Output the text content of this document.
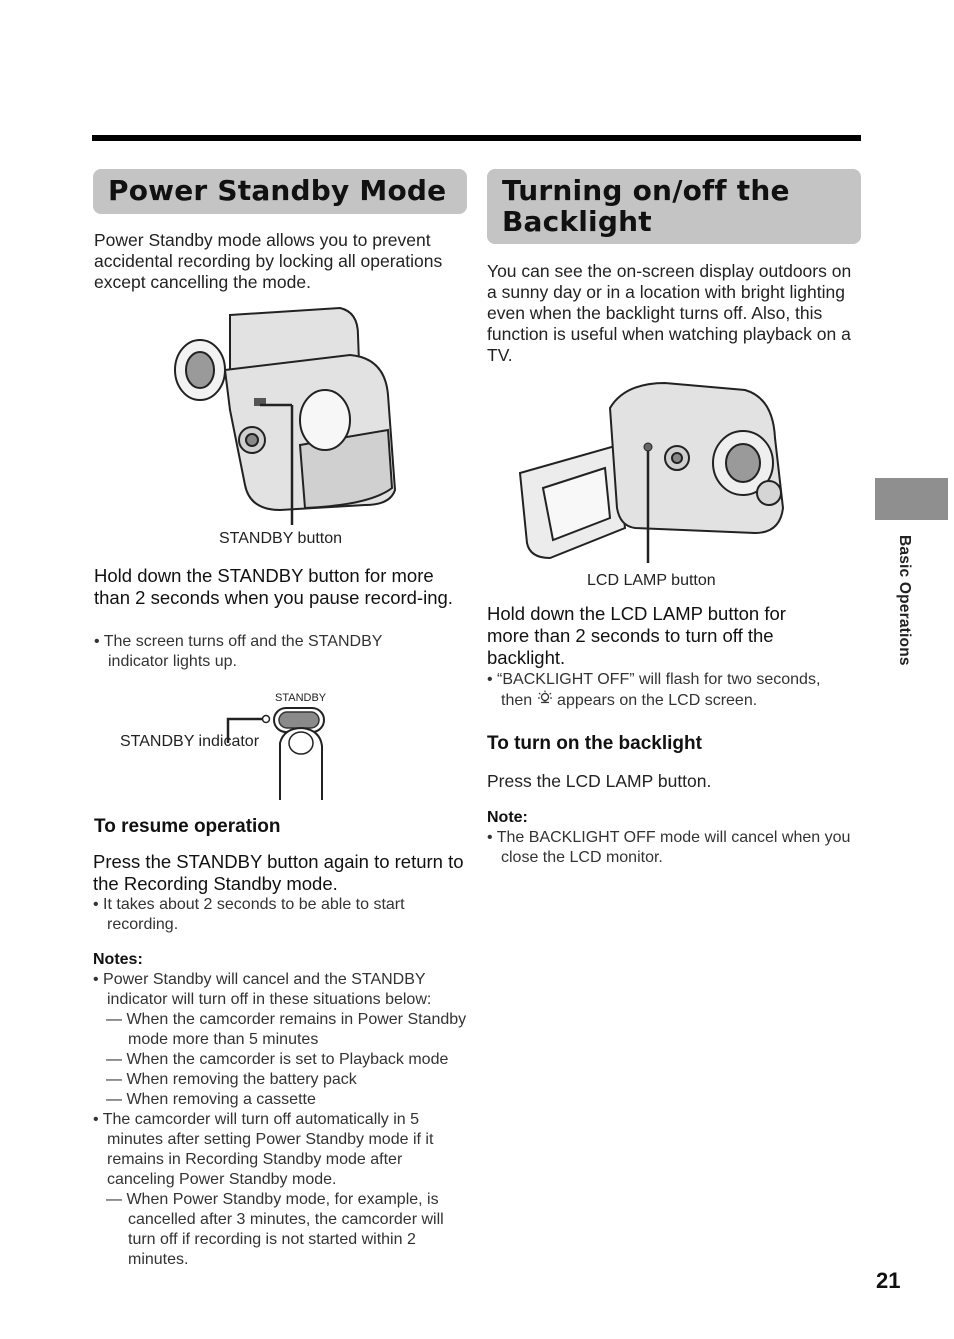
Power Standby Mode

Power Standby mode allows you to prevent accidental recording by locking all operations except cancelling the mode.

STANDBY button

Hold down the STANDBY button for more than 2 seconds when you pause record-ing.

• The screen turns off and the STANDBY indicator lights up.

STANDBY
STANDBY indicator
To resume operation

Press the STANDBY button again to return to the Recording Standby mode.

• It takes about 2 seconds to be able to start recording.

Notes:

• Power Standby will cancel and the STANDBY indicator will turn off in these situations below:

— When the camcorder remains in Power Standby mode more than 5 minutes

— When the camcorder is set to Playback mode

— When removing the battery pack

— When removing a cassette

• The camcorder will turn off automatically in 5 minutes after setting Power Standby mode if it remains in Recording Standby mode after canceling Power Standby mode.

— When Power Standby mode, for example, is cancelled after 3 minutes, the camcorder will turn off if recording is not started within 2 minutes.

Turning on/off the
Backlight

You can see the on-screen display outdoors on a sunny day or in a location with bright lighting even when the backlight turns off. Also, this function is useful when watching playback on a TV.

LCD LAMP button

Hold down the LCD LAMP button for more than 2 seconds to turn off the backlight.

• “BACKLIGHT OFF” will flash for two seconds,
then appears on the LCD screen.
To turn on the backlight

Press the LCD LAMP button.

Note:

• The BACKLIGHT OFF mode will cancel when you close the LCD monitor.

Basic Operations
21
